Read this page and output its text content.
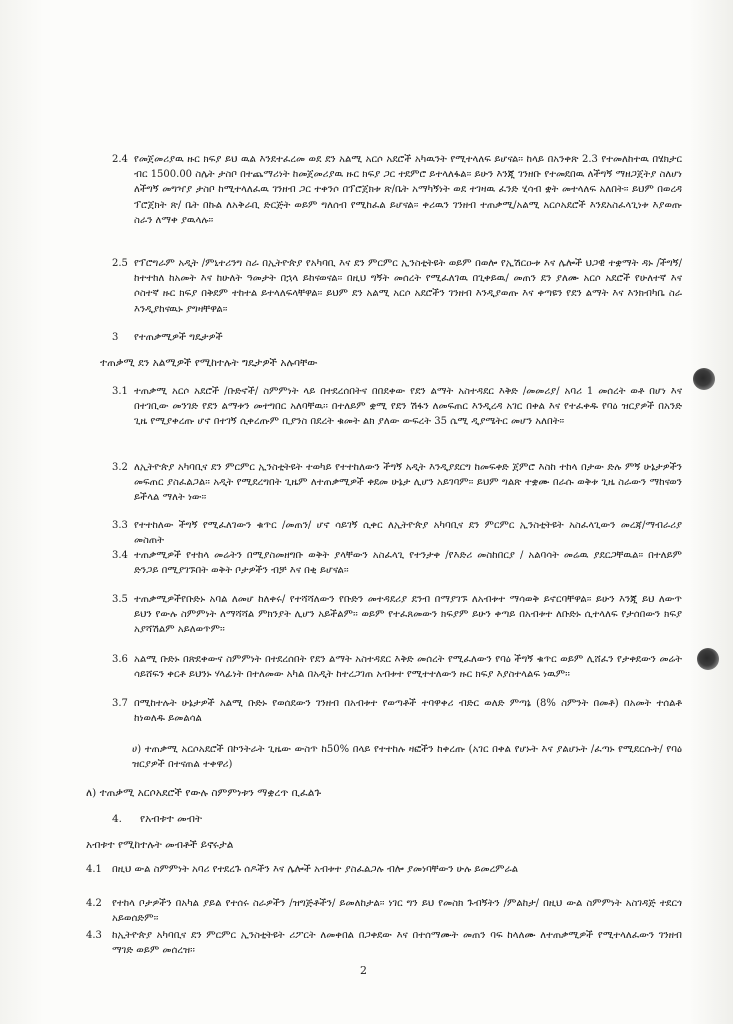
2.4 የመጀመሪያዉ ዙር ክፍያ ይህ ዉል እንደተፈረመ ወደ ደን አልሚ አርሶ አደሮች አካዉንት የሚተላለፍ ይሆናል፡፡ ከላይ በአንቀጽ 2.3 የተመለከተዉ በሄክታር ብር 1500.00 ስሌት ታስቦ በተጨማሪነት ከመጀመሪያዉ ዙር ክፍያ ጋር ተደምሮ ይተላለፋል፡፡ ይሁን እንጂ ገንዘቡ የተመደበዉ ለችግኝ ማዘጋጀትያ ስለሆነ ለችግኝ መግዣያ ታስቦ ከሚተላለፈዉ ገንዘብ ጋር ተቀንሶ በፕሮጀክቱ ጽ/ቤት አማካኝነት ወደ ተገዛዉ ፈንድ ሂሳብ ቋት መተላለፍ አለበት፡፡ ይህም በወረዳ ፕሮጀክት ጽ/ ቤት በኩል ለአቅራቢ ድርጅት ወይም ግለሰብ የሚከፈል ይሆናል፡፡ ቀሪዉን ገንዘብ ተጠቃሚ/አልሚ አርሶአደሮች እንደአስፈላጊነቱ እያወጡ ስራን ለማቀ ያዉላሉ፡፡
2.5 የፕሮግራም አዲት /ምኒተሪንግ ስራ በኢትዮጵያ የአካባቢ እና ደን ምርምር ኢንስቲትዩት ወይም በወሎ የኢሽርዑቱ እና ሌሎች ህጋዊ ተቋማት ዳኑ /ችግኝ/ ከተተከለ ከአመት እና ከሁለት ዓመታት በኋላ ይከናወናል፡፡ በዚህ ግኝት መሰረት የሚፈለገዉ በጊቀይዉ/ መጠን ደን ያለሙ አርሶ አደሮች የሁለተኛ እና ሶስተኛ ዙር ክፍያ በቅደም ተከተል ይተላለፍላቸዋል፡፡ ይህም ደን አልሚ አርሶ አደሮችን ገንዘብ እንዲያወጡ እና ቀጣዩን የደን ልማት እና እንክብካቤ ስራ እንዲያከናዉኑ ያግዛቸዋል፡፡
3	የተጠቃሚዎች ግዴታዎች
ተጠቃሚ ደን አልሚዎች የሚከተሉት ግዴታዎች አሉባቸው
3.1 ተጠቃሚ አርሶ አደሮች /ቡድኖች/ ስምምነት ላይ በተደረሰበትና በበደቀው የደን ልማት አስተዳደር እቅድ /መመሪያ/ አባሪ 1 መሰረት ወቶ በሆነ እና በተገቢው መንገድ የደን ልማቱን መተግበር አለባቸዉ፡፡ በተለይም ቋሚ የደን ሽፋን ለመፍጠር እንዲረዳ አገር በቀል እና የተፈቀዱ የባዕ ዝርያዎች በአንድ ጊዜ የሚያቀረጡ ሆኖ በተገኝ ሲቀረጡም ቢያንስ በደረት ቁመት ልክ ያለው ውፍረት 35 ሴሚ ዲያሜትር መሆን አለበት፡፡
3.2 ለኢትዮጵያ አካባቢና ደን ምርምር ኢንስቲትዩት ተወካይ የተተከለውን ችግኝ አዲት እንዲያደርግ ከመፍቀድ ጀምሮ እስከ ተከላ በታው ድሉ ምኝ ሁኔታዎችን መፍጠር ያስፈልጋል፡፡ አዲት የሚደረግበት ጊዜም ለተጠቃሚዎች ቀደመ ሁኔታ ሊሆን አይገባም፡፡ ይህም ግልጽ ተቋሙ በራሱ ወቅቱ ጊዜ ስራውን ማከናወን ይችላል ማለት ነው፡፡
3.3 የተተከለው ችግኝ የሚፈለገውን ቁጥር /መጠን/ ሆኖ ሳይገኝ ሲቀር ለኢትዮጵያ አካባቢና ደን ምርምር ኢንስቲትዩት አስፈላጊውን መረጃ/ማብራሪያ መስጠት
3.4 ተጠቃሚዎች የተከላ መሬትን በሚያስመዘግቡ ወቅት ያላቸውን አስፈላጊ የተንታቀ /የእድሪ መስከበርያ / አልባሳት መሬዉ ያደርጋቸዉል፡፡ በተለይም ድንጋይ በሚያገኙበት ወቅት ቦታዎችን ብቻ እና በቂ ይሆናል፡፡
3.5 ተጠቃሚዎችየቡድኑ አባል ለመሆ ከለቀሩ/ የተሻሻለውን የቡድን መተዳደሪያ ደንብ በማያገኙ ለአብቱተ ማሳወቅ ይኖርባቸዋል፡፡ ይሁን እንጂ ይህ ለውጥ ይህን የውሉ ስምምነት ለማሻሻል ምክንያት ሊሆን አይችልም፡፡ ወይም የተፈጸመውን ክፍያም ይሁን ቀጣይ በአብቱተ ለቡድኑ ሲተላለፍ የታሰበውን ክፍያ አያሻሽልም አይለወጥም፡፡
3.6 አልሚ ቡድኑ በጽደቀውና ስምምነት በተደረሰበት የደን ልማት አስተዳደር እቅድ መሰረት የሚፈለውን የባዕ ችግኝ ቁጥር ወይም ሊሸፈን የታቀደውን መሬት ሳይሸፍን ቀርቶ ይህንኑ ሃላፊነት በተለመው አካል በአዲት ከተረጋገጠ አብቱተ የሚተተለውን ዙር ክፍያ እያስተላልፍ ነዉም፡፡
3.7 በሚከተሉት ሁኔታዎች አልሚ ቡድኑ የወሰደውን ገንዘብ በአብቱተ የወጣቶች ተባዋቀሪ ብድር ወለድ ምጣኔ (8% ስምንት በመቶ) በአመት ተሰልቶ ከነወለዱ ይመልሳል
ሀ) ተጠቃሚ አርሶአደሮች በኮንትራት ጊዜው ውስጥ ከ50% በላይ የተተከሉ ዛፎችን ከቀረጡ (አገር በቀል የሆኑት እና ያልሆኑት /ፈጣኑ የሚደርሱት/ የባዕ ዝርያዎች በተናጠል ተቀዋሪ)
ለ) ተጠቃሚ አርሶአደሮች የውሉ ስምምነቱን ማቋረጥ ቢፈልጉ
4. የአብቱተ መብት
አብቱተ የሚከተሉት መብቶች ይኖሩታል
4.1	በዚህ ውል ስምምነት አባሪ የተደረጉ ሰዶችን እና ሌሎች አብቱተ ያስፈልጋሉ ብሎ ያመነባቸውን ሁሉ ይመረምራል
4.2	የተከላ ቦታዎችን በአካል ያይል የተሰሩ ስራዎችን /ዝግጅቶችን/ ይመለከታል፡፡ ነገር ግን ይህ የመስክ ጉብኝትን /ምልከታ/ በዚህ ውል ስምምነት አስገዳጅ ተደርጎ አይወሰድም፡፡
4.3	ከኢትዮጵያ አካባቢና ደን ምርምር ኢንስቲትዩት ሪፖርት ለመቀበል በጋቀደው እና በተሰማሙት መጠን ባፍ ከላለሙ ለተጠቃሚዎች የሚተላለፈውን ገንዘብ ማገድ ወይም መሰረዝ፡፡
2
